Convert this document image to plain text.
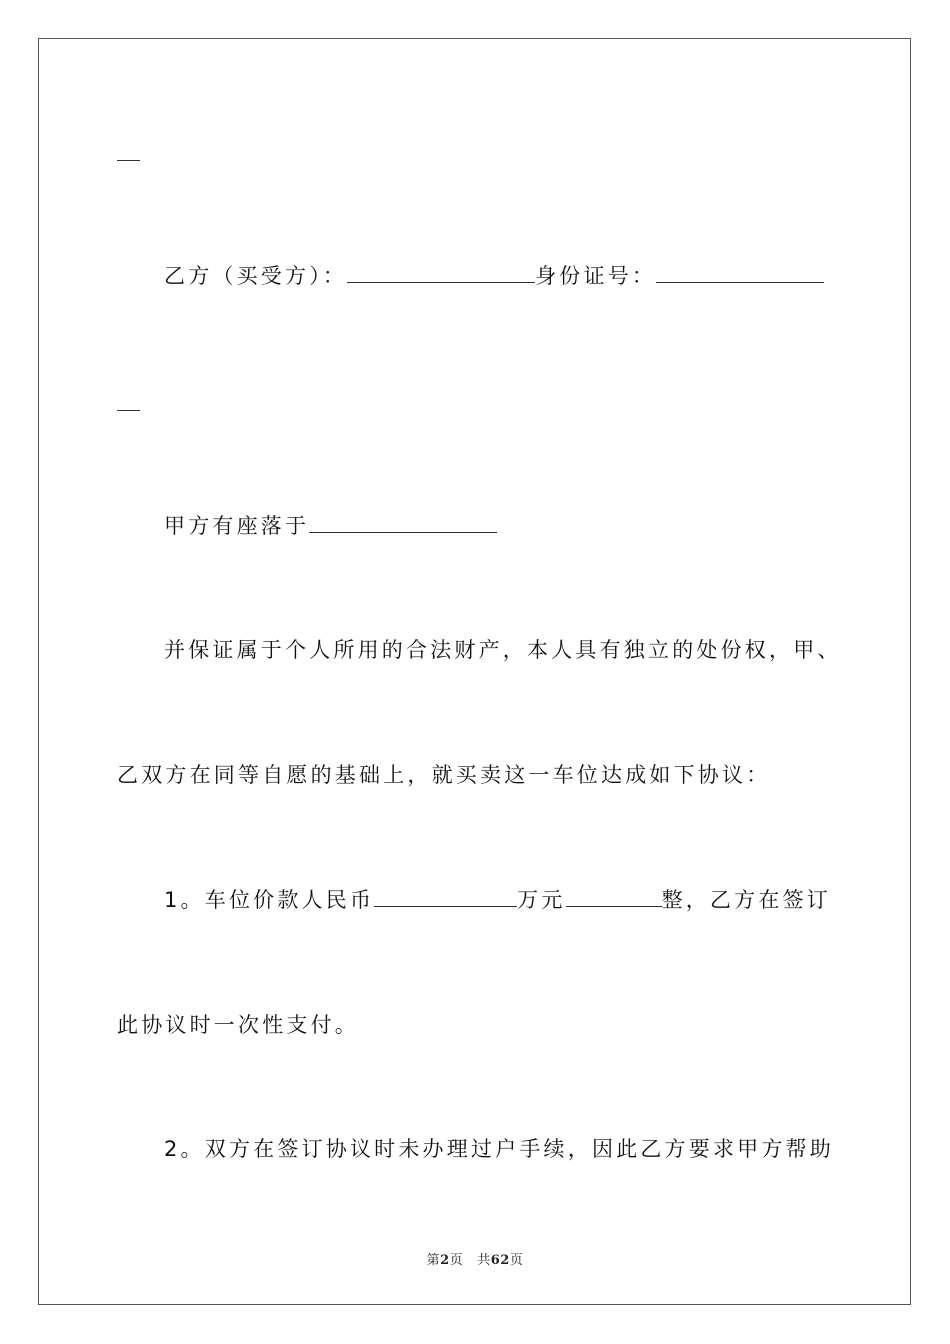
乙方（买受方）：	身份证号：
甲方有座落于
并保证属于个人所用的合法财产，本人具有独立的处份权，甲、
乙双方在同等自愿的基础上，就买卖这一车位达成如下协议：
1。车位价款人民币	万元	整，乙方在签订
此协议时一次性支付。
2。双方在签订协议时未办理过户手续，因此乙方要求甲方帮助
第2页 共62页
